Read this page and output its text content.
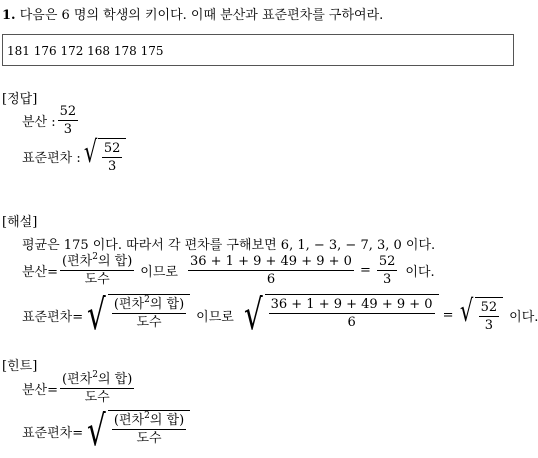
1. 다음은 6 명의 학생의 키이다. 이때 분산과 표준편차를 구하여라.
181 176 172 168 178 175
[정답]
분산 : $\frac{52}{3}$
표준편차 : √ $\frac{52}{3}$
[해설]
평균은 175 이다. 따라서 각 편차를 구해보면 6, 1, − 3, − 7, 3, 0 이다.
분산= $\frac{(편차^2의 합)}{\text{도수}}$ 이므로 $\frac{36 + 1 + 9 + 49 + 9 + 0}{6} = \frac{52}{3}$ 이다.
표준편차= √ $\frac{(편차^2의 합)}{\text{도수}}$ 이므로 √ $\frac{36 + 1 + 9 + 49 + 9 + 0}{6}$ = √ $\frac{52}{3}$ 이다.
[힌트]
분산= $\frac{(편차^2의 합)}{\text{도수}}$
표준편차= √ $\frac{(편차^2의 합)}{\text{도수}}$
